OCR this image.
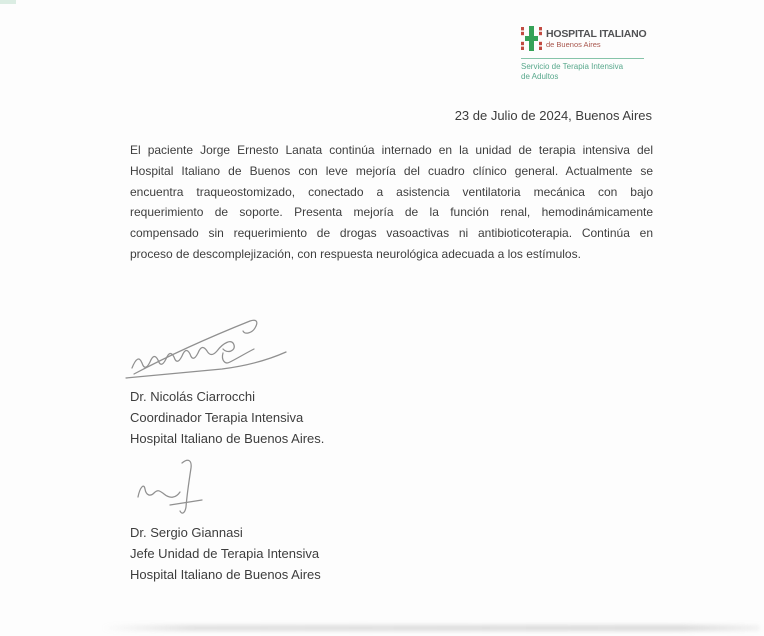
HOSPITAL ITALIANO
de Buenos Aires
Servicio de Terapia Intensiva
de Adultos
23 de Julio de 2024, Buenos Aires
El paciente Jorge Ernesto Lanata continúa internado en la unidad de terapia intensiva del
Hospital Italiano de Buenos con leve mejoría del cuadro clínico general. Actualmente se
encuentra traqueostomizado, conectado a asistencia ventilatoria mecánica con bajo
requerimiento de soporte. Presenta mejoría de la función renal, hemodinámicamente
compensado sin requerimiento de drogas vasoactivas ni antibioticoterapia. Continúa en
proceso de descomplejización, con respuesta neurológica adecuada a los estímulos.
Dr. Nicolás Ciarrocchi
Coordinador Terapia Intensiva
Hospital Italiano de Buenos Aires.
Dr. Sergio Giannasi
Jefe Unidad de Terapia Intensiva
Hospital Italiano de Buenos Aires
